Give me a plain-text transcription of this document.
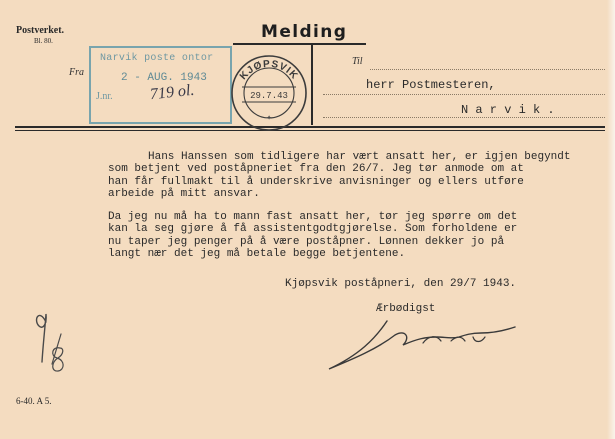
Postverket.
Bl. 80.	Melding
Fra
Til
Narvik poste ontor
2 - AUG. 1943
J.nr. 719 ol.
KJØPSVIK
29.7.43
✦
herr Postmesteren,
N a r v i k .
Hans Hanssen som tidligere har vært ansatt her, er igjen begyndt
som betjent ved poståpneriet fra den 26/7. Jeg tør anmode om at
han får fullmakt til å underskrive anvisninger og ellers utføre
arbeide på mitt ansvar.
Da jeg nu må ha to mann fast ansatt her, tør jeg spørre om det
kan la seg gjøre å få assistentgodtgjørelse. Som forholdene er
nu taper jeg penger på å være poståpner. Lønnen dekker jo på
langt nær det jeg må betale begge betjentene.
Kjøpsvik poståpneri, den 29/7 1943.
Ærbødigst
6-40. A 5.
